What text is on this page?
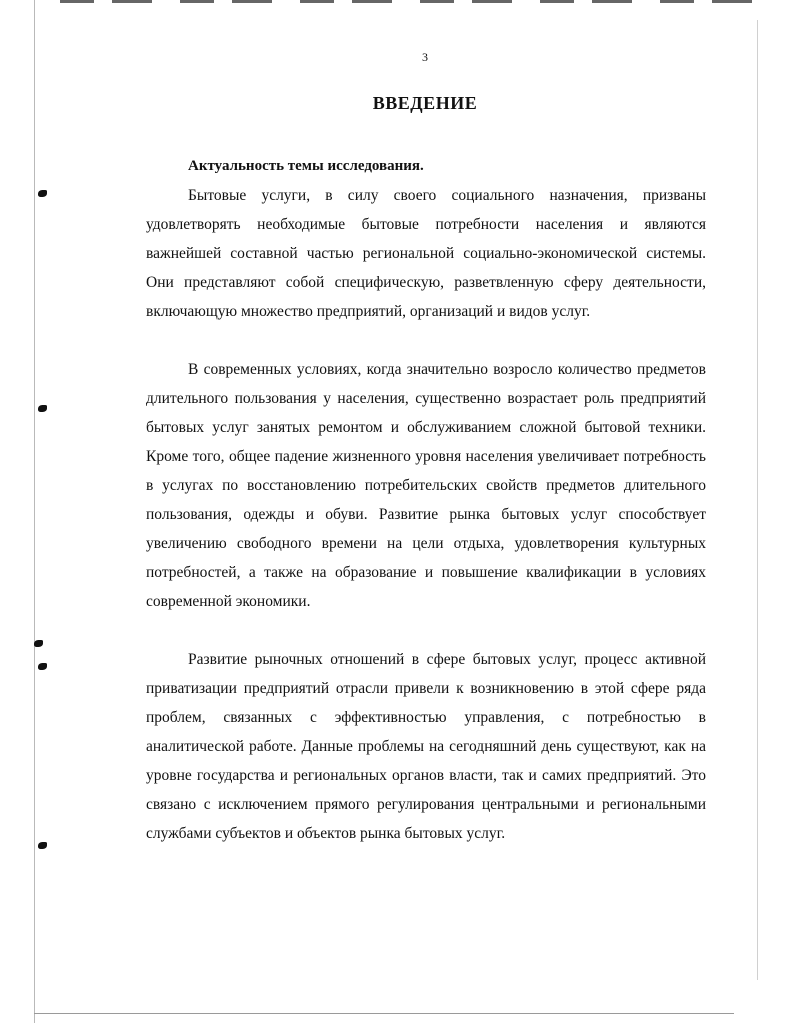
3
ВВЕДЕНИЕ
Актуальность темы исследования.

Бытовые услуги, в силу своего социального назначения, призваны удовлетворять необходимые бытовые потребности населения и являются важнейшей составной частью региональной социально-экономической системы. Они представляют собой специфическую, разветвленную сферу деятельности, включающую множество предприятий, организаций и видов услуг.

В современных условиях, когда значительно возросло количество предметов длительного пользования у населения, существенно возрастает роль предприятий бытовых услуг занятых ремонтом и обслуживанием сложной бытовой техники. Кроме того, общее падение жизненного уровня населения увеличивает потребность в услугах по восстановлению потребительских свойств предметов длительного пользования, одежды и обуви. Развитие рынка бытовых услуг способствует увеличению свободного времени на цели отдыха, удовлетворения культурных потребностей, а также на образование и повышение квалификации в условиях современной экономики.

Развитие рыночных отношений в сфере бытовых услуг, процесс активной приватизации предприятий отрасли привели к возникновению в этой сфере ряда проблем, связанных с эффективностью управления, с потребностью в аналитической работе. Данные проблемы на сегодняшний день существуют, как на уровне государства и региональных органов власти, так и самих предприятий. Это связано с исключением прямого регулирования центральными и региональными службами субъектов и объектов рынка бытовых услуг.
